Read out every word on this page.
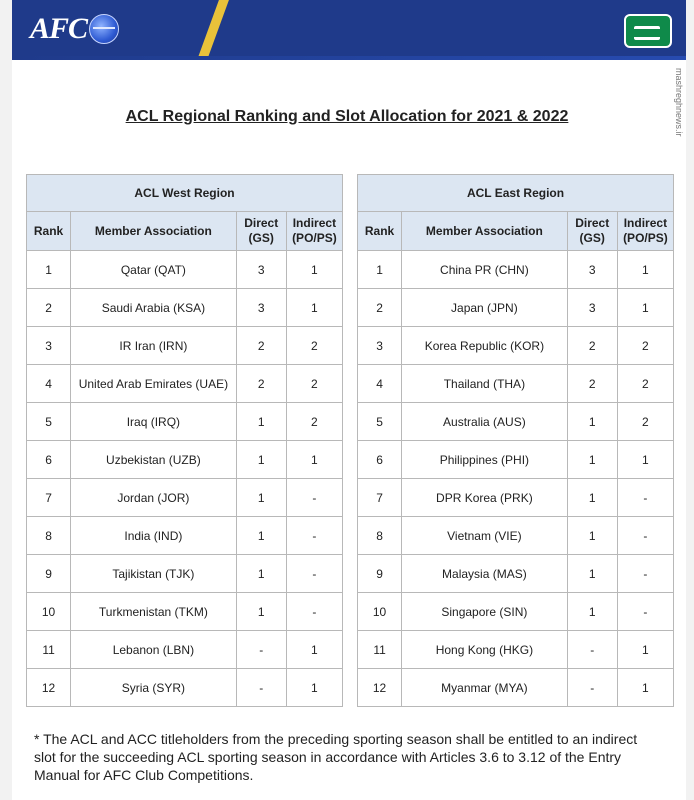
AFC
mashreghnews.ir
ACL Regional Ranking and Slot Allocation for 2021 & 2022
ACL West Region			
Rank	Member Association	Direct (GS)	Indirect (PO/PS)
1	Qatar (QAT)	3	1
2	Saudi Arabia (KSA)	3	1
3	IR Iran (IRN)	2	2
4	United Arab Emirates (UAE)	2	2
5	Iraq (IRQ)	1	2
6	Uzbekistan (UZB)	1	1
7	Jordan (JOR)	1	-
8	India (IND)	1	-
9	Tajikistan (TJK)	1	-
10	Turkmenistan (TKM)	1	-
11	Lebanon (LBN)	-	1
12	Syria (SYR)	-	1
ACL East Region			
Rank	Member Association	Direct (GS)	Indirect (PO/PS)
1	China PR (CHN)	3	1
2	Japan (JPN)	3	1
3	Korea Republic (KOR)	2	2
4	Thailand (THA)	2	2
5	Australia (AUS)	1	2
6	Philippines (PHI)	1	1
7	DPR Korea (PRK)	1	-
8	Vietnam (VIE)	1	-
9	Malaysia (MAS)	1	-
10	Singapore (SIN)	1	-
11	Hong Kong (HKG)	-	1
12	Myanmar (MYA)	-	1
* The ACL and ACC titleholders from the preceding sporting season shall be entitled to an indirect slot for the succeeding ACL sporting season in accordance with Articles 3.6 to 3.12 of the Entry Manual for AFC Club Competitions.
